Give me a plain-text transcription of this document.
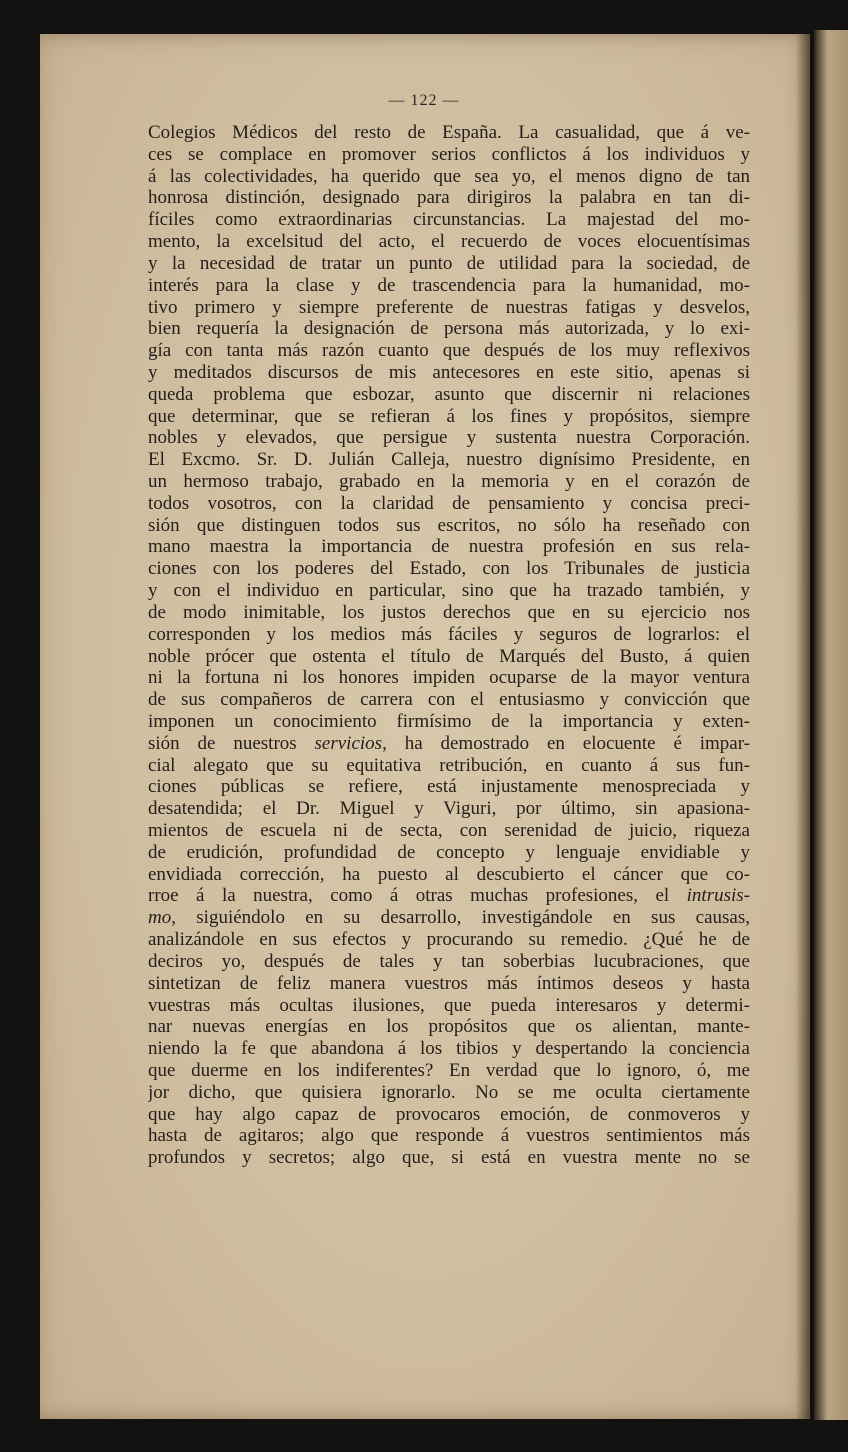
— 122 —
Colegios Médicos del resto de España. La casualidad, que á ve-
ces se complace en promover serios conflictos á los individuos y
á las colectividades, ha querido que sea yo, el menos digno de tan
honrosa distinción, designado para dirigiros la palabra en tan di-
fíciles como extraordinarias circunstancias. La majestad del mo-
mento, la excelsitud del acto, el recuerdo de voces elocuentísimas
y la necesidad de tratar un punto de utilidad para la sociedad, de
interés para la clase y de trascendencia para la humanidad, mo-
tivo primero y siempre preferente de nuestras fatigas y desvelos,
bien requería la designación de persona más autorizada, y lo exi-
gía con tanta más razón cuanto que después de los muy reflexivos
y meditados discursos de mis antecesores en este sitio, apenas si
queda problema que esbozar, asunto que discernir ni relaciones
que determinar, que se refieran á los fines y propósitos, siempre
nobles y elevados, que persigue y sustenta nuestra Corporación.
El Excmo. Sr. D. Julián Calleja, nuestro dignísimo Presidente, en
un hermoso trabajo, grabado en la memoria y en el corazón de
todos vosotros, con la claridad de pensamiento y concisa preci-
sión que distinguen todos sus escritos, no sólo ha reseñado con
mano maestra la importancia de nuestra profesión en sus rela-
ciones con los poderes del Estado, con los Tribunales de justicia
y con el individuo en particular, sino que ha trazado también, y
de modo inimitable, los justos derechos que en su ejercicio nos
corresponden y los medios más fáciles y seguros de lograrlos: el
noble prócer que ostenta el título de Marqués del Busto, á quien
ni la fortuna ni los honores impiden ocuparse de la mayor ventura
de sus compañeros de carrera con el entusiasmo y convicción que
imponen un conocimiento firmísimo de la importancia y exten-
sión de nuestros servicios, ha demostrado en elocuente é impar-
cial alegato que su equitativa retribución, en cuanto á sus fun-
ciones públicas se refiere, está injustamente menospreciada y
desatendida; el Dr. Miguel y Viguri, por último, sin apasiona-
mientos de escuela ni de secta, con serenidad de juicio, riqueza
de erudición, profundidad de concepto y lenguaje envidiable y
envidiada corrección, ha puesto al descubierto el cáncer que co-
rroe á la nuestra, como á otras muchas profesiones, el intrusis-
mo, siguiéndolo en su desarrollo, investigándole en sus causas,
analizándole en sus efectos y procurando su remedio. ¿Qué he de
deciros yo, después de tales y tan soberbias lucubraciones, que
sintetizan de feliz manera vuestros más íntimos deseos y hasta
vuestras más ocultas ilusiones, que pueda interesaros y determi-
nar nuevas energías en los propósitos que os alientan, mante-
niendo la fe que abandona á los tibios y despertando la conciencia
que duerme en los indiferentes? En verdad que lo ignoro, ó, me
jor dicho, que quisiera ignorarlo. No se me oculta ciertamente
que hay algo capaz de provocaros emoción, de conmoveros y
hasta de agitaros; algo que responde á vuestros sentimientos más
profundos y secretos; algo que, si está en vuestra mente no se
